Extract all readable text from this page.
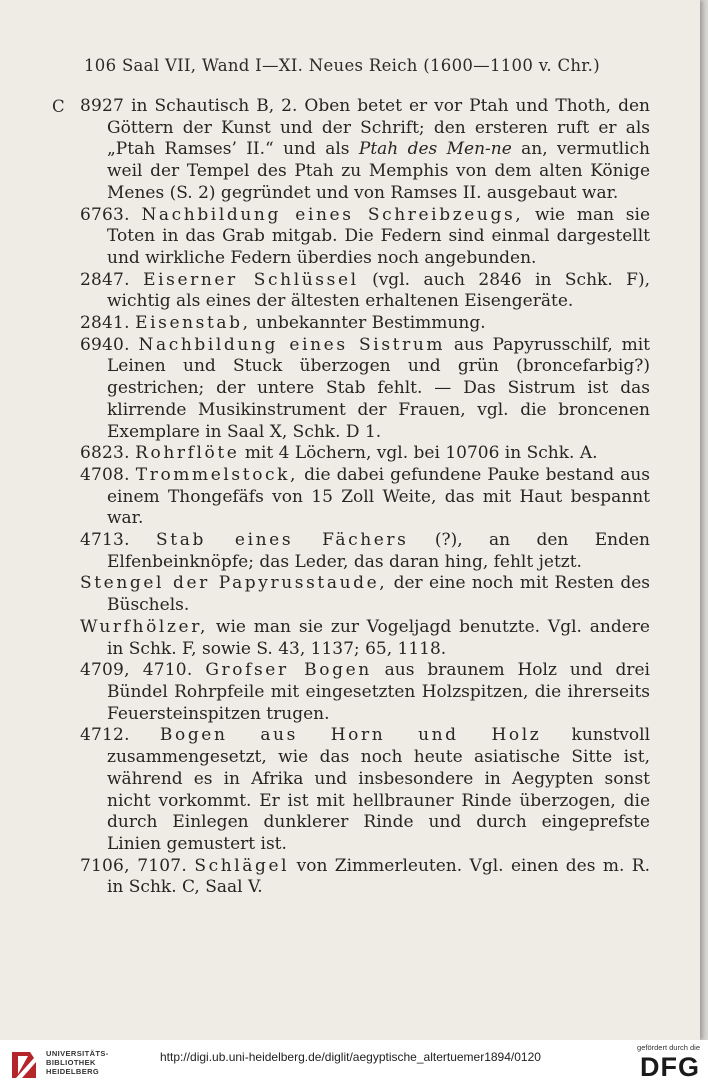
106 Saal VII, Wand I—XI. Neues Reich (1600—1100 v. Chr.)
C 8927 in Schautisch B, 2. Oben betet er vor Ptah und Thoth, den Göttern der Kunst und der Schrift; den ersteren ruft er als „Ptah Ramses’ II.“ und als Ptah des Men-ne an, vermutlich weil der Tempel des Ptah zu Memphis von dem alten Könige Menes (S. 2) gegründet und von Ramses II. ausgebaut war.

6763. Nachbildung eines Schreibzeugs, wie man sie Toten in das Grab mitgab. Die Federn sind einmal dargestellt und wirkliche Federn überdies noch angebunden.

2847. Eiserner Schlüssel (vgl. auch 2846 in Schk. F), wichtig als eines der ältesten erhaltenen Eisengeräte.

2841. Eisenstab, unbekannter Bestimmung.

6940. Nachbildung eines Sistrum aus Papyrusschilf, mit Leinen und Stuck überzogen und grün (broncefarbig?) gestrichen; der untere Stab fehlt. — Das Sistrum ist das klirrende Musikinstrument der Frauen, vgl. die broncenen Exemplare in Saal X, Schk. D 1.

6823. Rohrflöte mit 4 Löchern, vgl. bei 10706 in Schk. A.

4708. Trommelstock, die dabei gefundene Pauke bestand aus einem Thongefäfs von 15 Zoll Weite, das mit Haut bespannt war.

4713. Stab eines Fächers (?), an den Enden Elfenbeinknöpfe; das Leder, das daran hing, fehlt jetzt.

Stengel der Papyrusstaude, der eine noch mit Resten des Büschels.

Wurfhölzer, wie man sie zur Vogeljagd benutzte. Vgl. andere in Schk. F, sowie S. 43, 1137; 65, 1118.

4709, 4710. Grofser Bogen aus braunem Holz und drei Bündel Rohrpfeile mit eingesetzten Holzspitzen, die ihrerseits Feuersteinspitzen trugen.

4712. Bogen aus Horn und Holz kunstvoll zusammengesetzt, wie das noch heute asiatische Sitte ist, während es in Afrika und insbesondere in Aegypten sonst nicht vorkommt. Er ist mit hellbrauner Rinde überzogen, die durch Einlegen dunklerer Rinde und durch eingeprefste Linien gemustert ist.

7106, 7107. Schlägel von Zimmerleuten. Vgl. einen des m. R. in Schk. C, Saal V.

UNIVERSITÄTS-
BIBLIOTHEK
HEIDELBERG
http://digi.ub.uni-heidelberg.de/diglit/aegyptische_altertuemer1894/0120
gefördert durch die
DFG
